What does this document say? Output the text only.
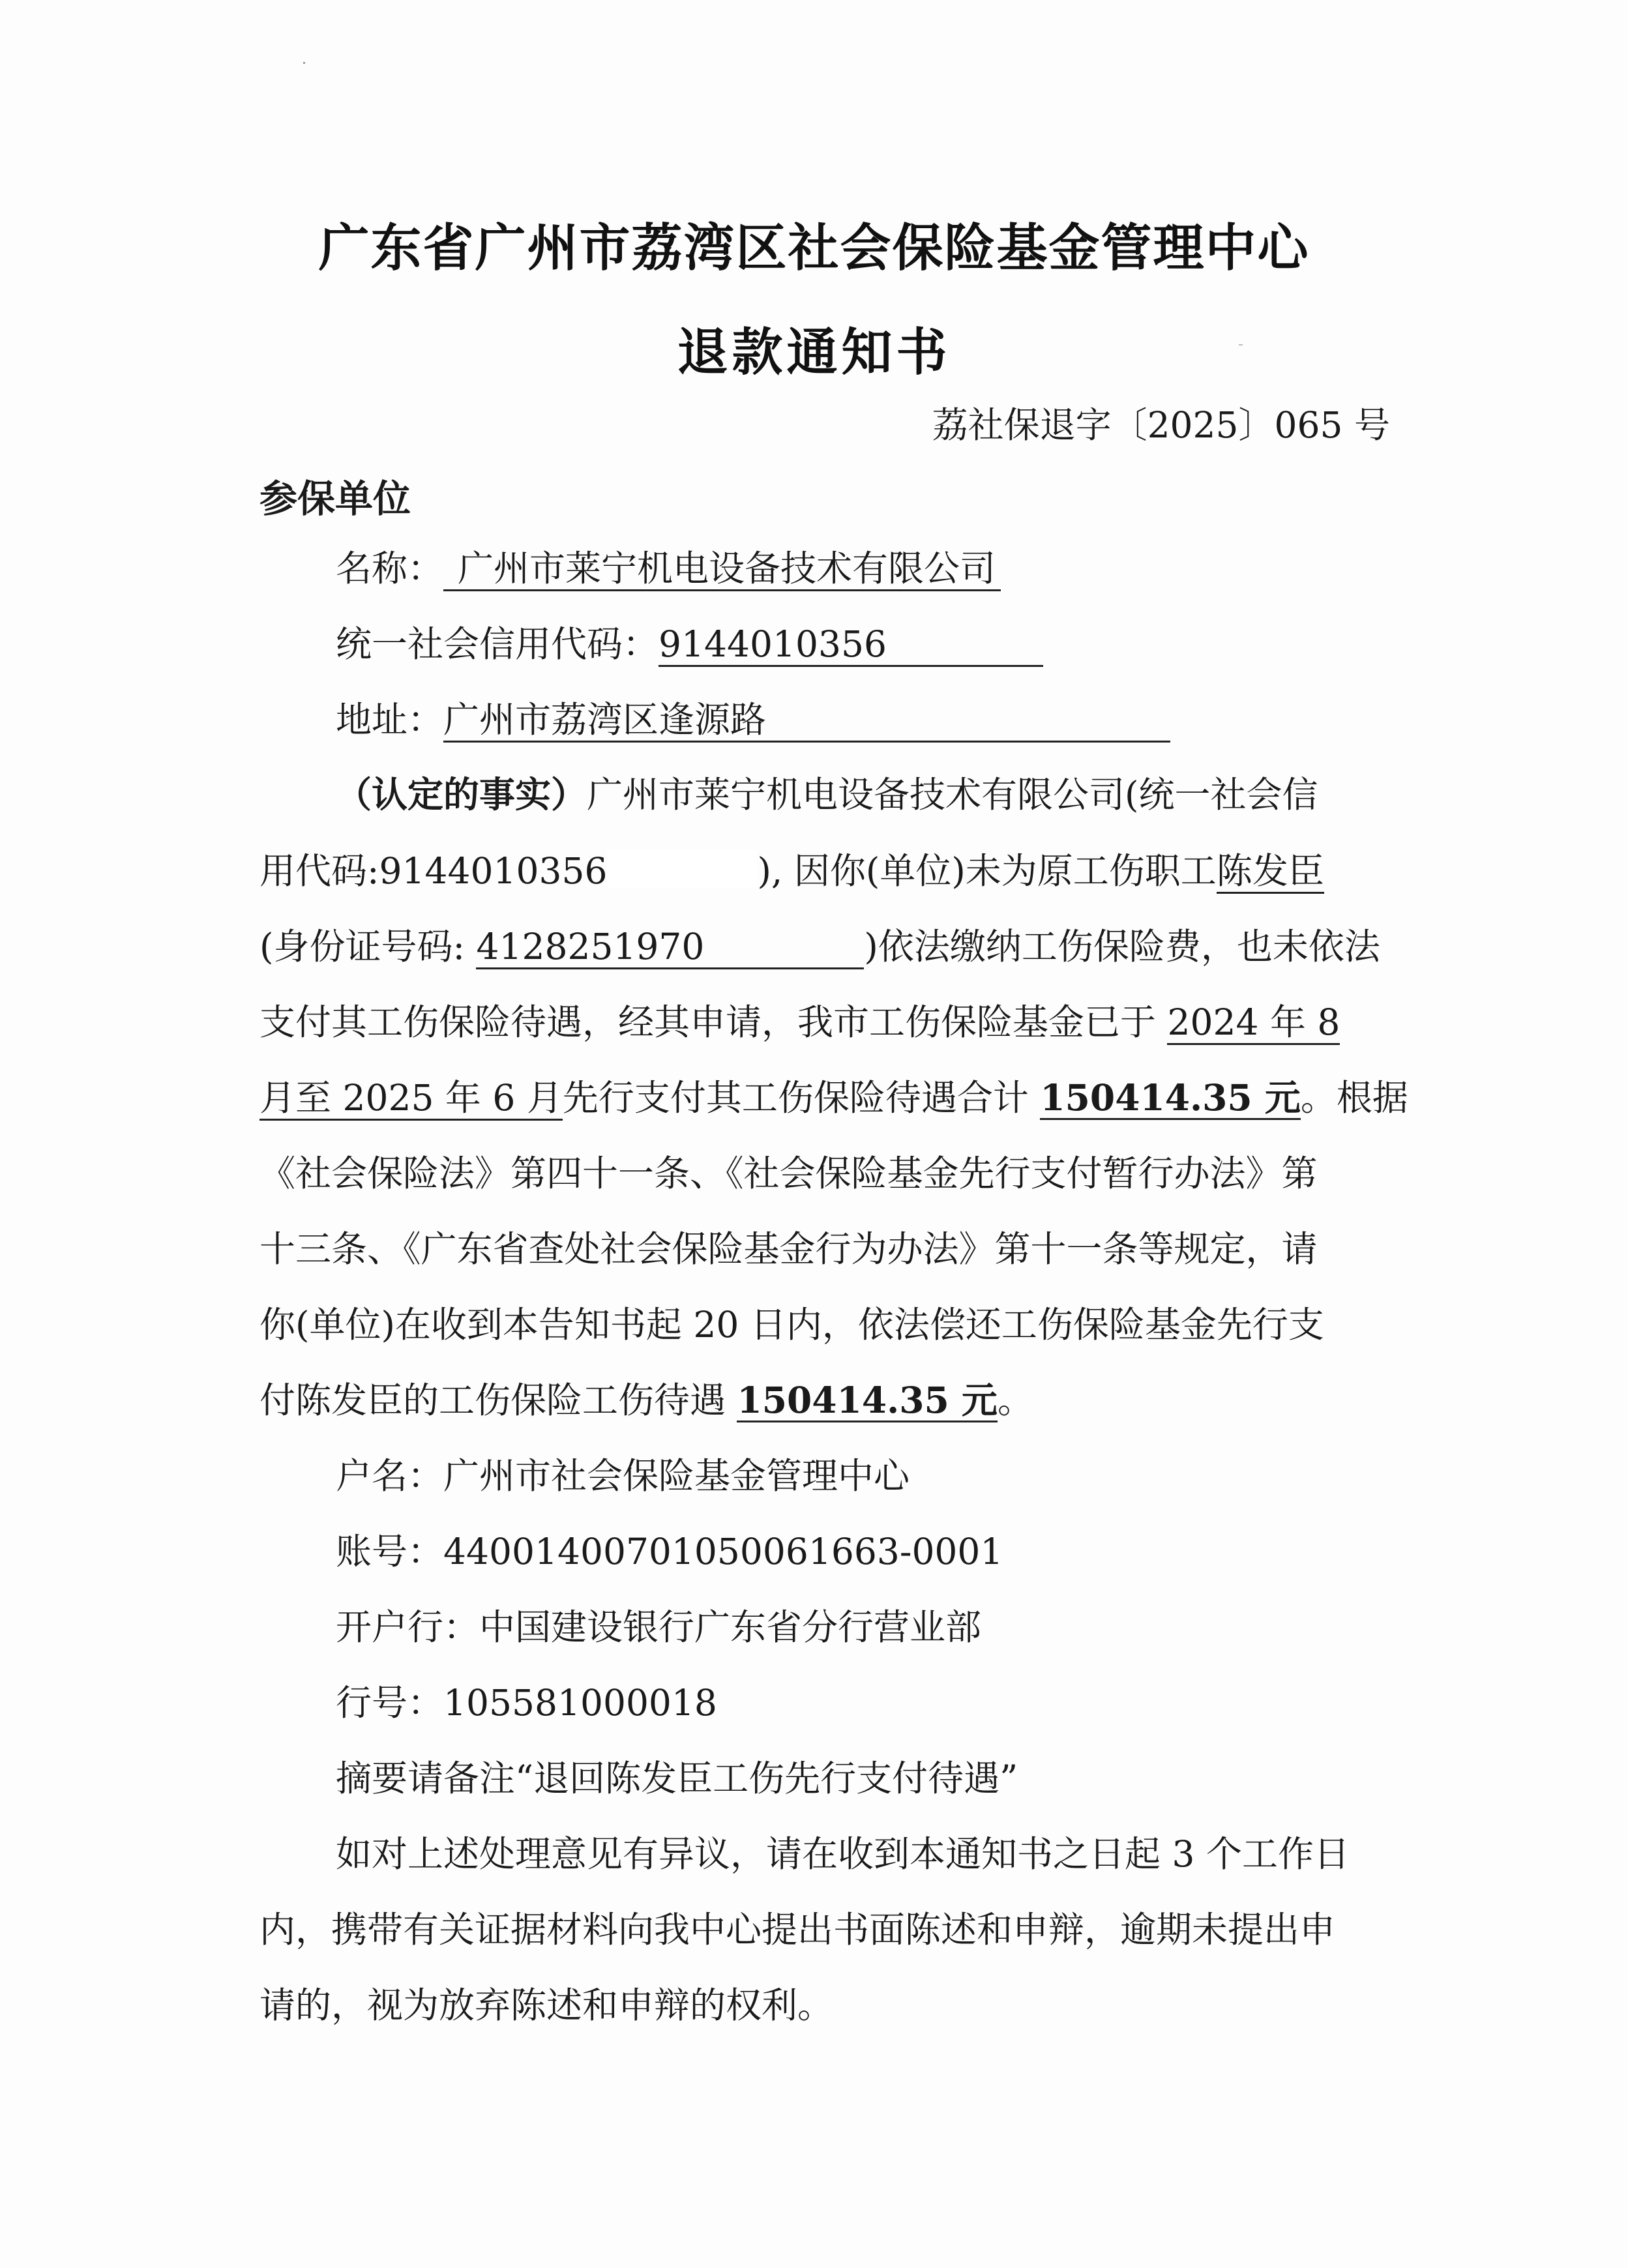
广东省广州市荔湾区社会保险基金管理中心
退款通知书
荔社保退字〔2025〕065 号
参保单位
名称： 广州市莱宁机电设备技术有限公司
统一社会信用代码：9144010356
地址：广州市荔湾区逢源路
（认定的事实）广州市莱宁机电设备技术有限公司(统一社会信
用代码:9144010356	), 因你(单位)未为原工伤职工陈发臣
(身份证号码: 4128251970	)依法缴纳工伤保险费，也未依法
支付其工伤保险待遇，经其申请，我市工伤保险基金已于 2024 年 8
月至 2025 年 6 月先行支付其工伤保险待遇合计 150414.35 元。根据
《社会保险法》第四十一条、《社会保险基金先行支付暂行办法》第
十三条、《广东省查处社会保险基金行为办法》第十一条等规定，请
你(单位)在收到本告知书起 20 日内，依法偿还工伤保险基金先行支
付陈发臣的工伤保险工伤待遇 150414.35 元。
户名：广州市社会保险基金管理中心
账号：44001400701050061663-0001
开户行：中国建设银行广东省分行营业部
行号：105581000018
摘要请备注“退回陈发臣工伤先行支付待遇”
如对上述处理意见有异议，请在收到本通知书之日起 3 个工作日
内，携带有关证据材料向我中心提出书面陈述和申辩，逾期未提出申
请的，视为放弃陈述和申辩的权利。
